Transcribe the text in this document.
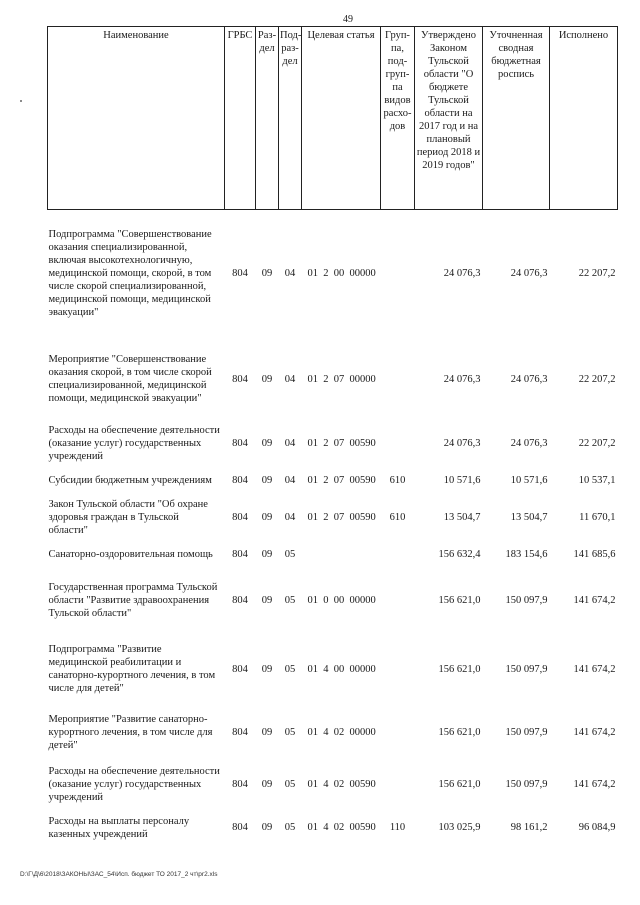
49
Наименование	ГРБС	Раз-дел	Под-раз-дел	Целевая статья	Груп-па, под-груп-па видов расхо-дов	Утверждено Законом Тульской области "О бюджете Тульской области на 2017 год и на плановый период 2018 и 2019 годов"	Уточненная сводная бюджетная роспись	Исполнено
Подпрограмма "Совершенствование оказания специализированной, включая высокотехнологичную, медицинской помощи, скорой, в том числе скорой специализированной, медицинской помощи, медицинской эвакуации"	804	09	04	01  2  00  00000		24 076,3	24 076,3	22 207,2
Мероприятие "Совершенствование оказания скорой, в том числе скорой специализированной, медицинской помощи, медицинской эвакуации"	804	09	04	01  2  07  00000		24 076,3	24 076,3	22 207,2
Расходы на обеспечение деятельности (оказание услуг) государственных учреждений	804	09	04	01  2  07  00590		24 076,3	24 076,3	22 207,2
Субсидии бюджетным учреждениям	804	09	04	01  2  07  00590	610	10 571,6	10 571,6	10 537,1
Закон Тульской области "Об охране здоровья граждан в Тульской области"	804	09	04	01  2  07  00590	610	13 504,7	13 504,7	11 670,1
Санаторно-оздоровительная помощь	804	09	05			156 632,4	183 154,6	141 685,6
Государственная программа Тульской области "Развитие здравоохранения Тульской области"	804	09	05	01  0  00  00000		156 621,0	150 097,9	141 674,2
Подпрограмма "Развитие медицинской реабилитации и санаторно-курортного лечения, в том числе для детей"	804	09	05	01  4  00  00000		156 621,0	150 097,9	141 674,2
Мероприятие "Развитие санаторно-курортного лечения, в том числе для детей"	804	09	05	01  4  02  00000		156 621,0	150 097,9	141 674,2
Расходы на обеспечение деятельности (оказание услуг) государственных учреждений	804	09	05	01  4  02  00590		156 621,0	150 097,9	141 674,2
Расходы на выплаты персоналу казенных учреждений	804	09	05	01  4  02  00590	110	103 025,9	98 161,2	96 084,9
D:\Г\Д\6\2018\ЗАКОНЫ\ЗАС_54\Исп. бюджет ТО 2017_2 чт\pr2.xls
